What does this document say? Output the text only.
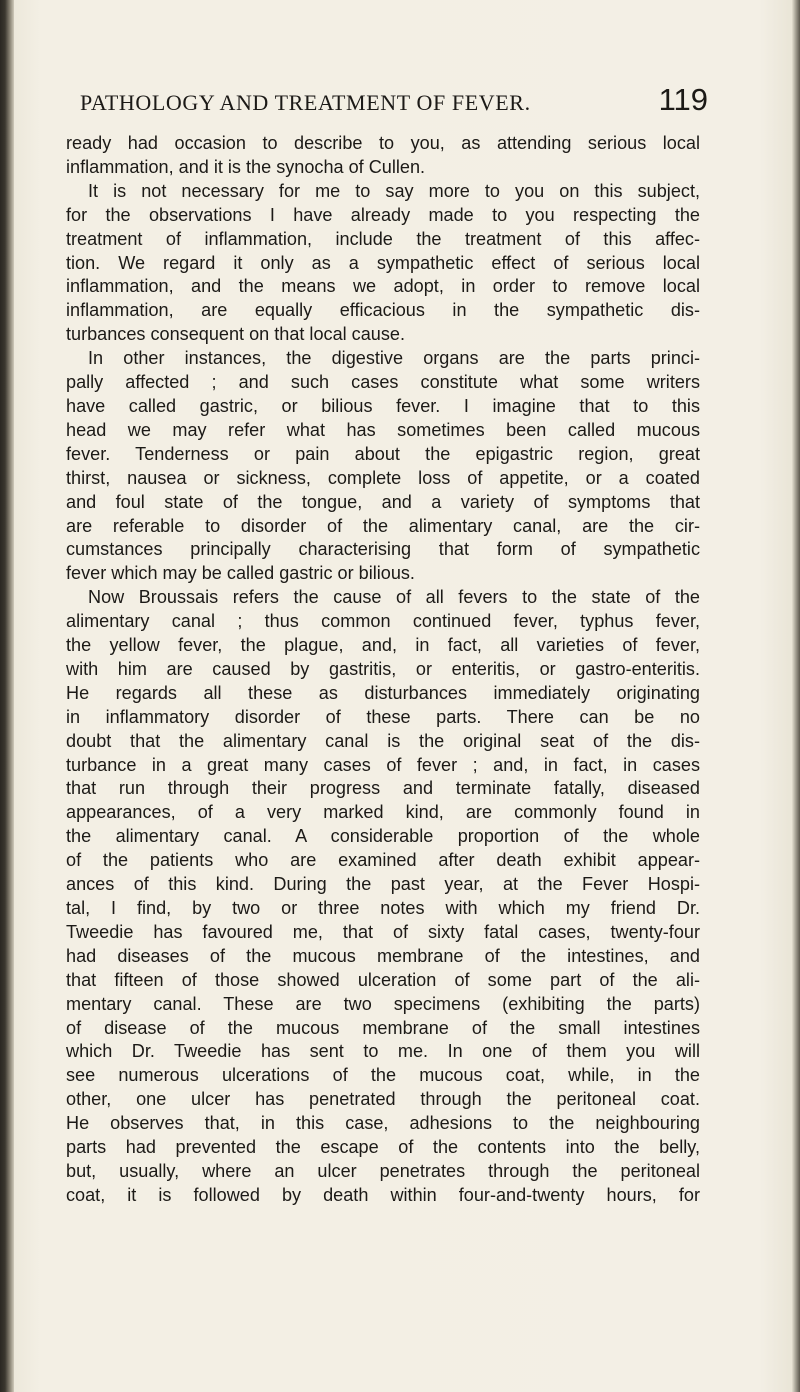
PATHOLOGY AND TREATMENT OF FEVER.	119
ready had occasion to describe to you, as attending serious local
inflammation, and it is the synocha of Cullen.
It is not necessary for me to say more to you on this subject,
for the observations I have already made to you respecting the
treatment of inflammation, include the treatment of this affec-
tion. We regard it only as a sympathetic effect of serious local
inflammation, and the means we adopt, in order to remove local
inflammation, are equally efficacious in the sympathetic dis-
turbances consequent on that local cause.
In other instances, the digestive organs are the parts princi-
pally affected ; and such cases constitute what some writers
have called gastric, or bilious fever. I imagine that to this
head we may refer what has sometimes been called mucous
fever. Tenderness or pain about the epigastric region, great
thirst, nausea or sickness, complete loss of appetite, or a coated
and foul state of the tongue, and a variety of symptoms that
are referable to disorder of the alimentary canal, are the cir-
cumstances principally characterising that form of sympathetic
fever which may be called gastric or bilious.
Now Broussais refers the cause of all fevers to the state of the
alimentary canal ; thus common continued fever, typhus fever,
the yellow fever, the plague, and, in fact, all varieties of fever,
with him are caused by gastritis, or enteritis, or gastro-enteritis.
He regards all these as disturbances immediately originating
in inflammatory disorder of these parts. There can be no
doubt that the alimentary canal is the original seat of the dis-
turbance in a great many cases of fever ; and, in fact, in cases
that run through their progress and terminate fatally, diseased
appearances, of a very marked kind, are commonly found in
the alimentary canal. A considerable proportion of the whole
of the patients who are examined after death exhibit appear-
ances of this kind. During the past year, at the Fever Hospi-
tal, I find, by two or three notes with which my friend Dr.
Tweedie has favoured me, that of sixty fatal cases, twenty-four
had diseases of the mucous membrane of the intestines, and
that fifteen of those showed ulceration of some part of the ali-
mentary canal. These are two specimens (exhibiting the parts)
of disease of the mucous membrane of the small intestines
which Dr. Tweedie has sent to me. In one of them you will
see numerous ulcerations of the mucous coat, while, in the
other, one ulcer has penetrated through the peritoneal coat.
He observes that, in this case, adhesions to the neighbouring
parts had prevented the escape of the contents into the belly,
but, usually, where an ulcer penetrates through the peritoneal
coat, it is followed by death within four-and-twenty hours, for
